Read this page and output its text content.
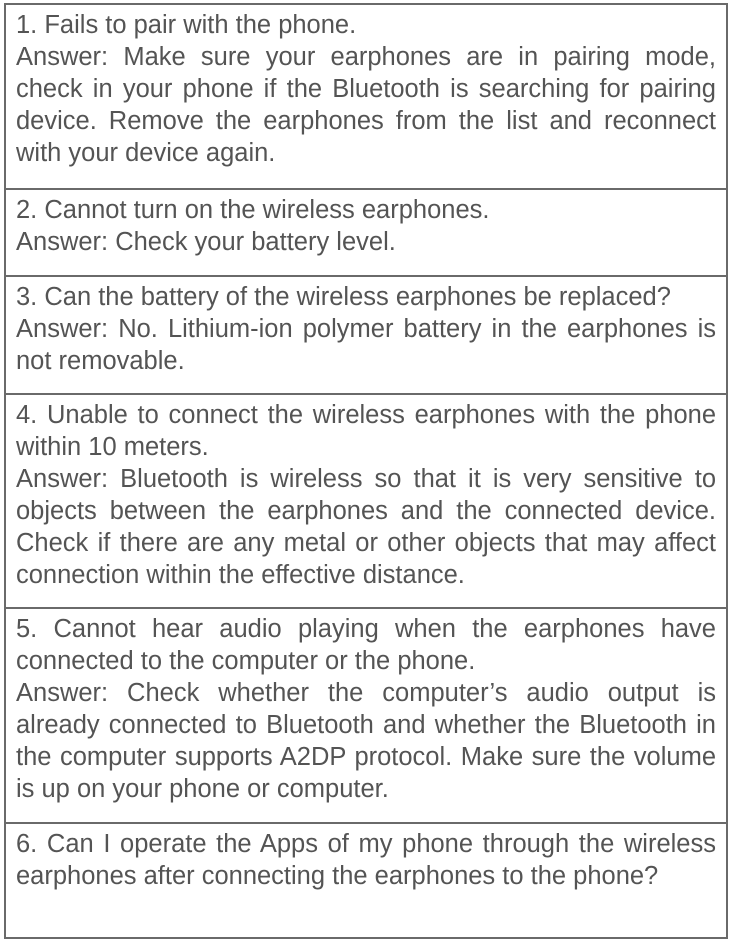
1. Fails to pair with the phone.
Answer: Make sure your earphones are in pairing mode, check in your phone if the Bluetooth is searching for pairing device. Remove the earphones from the list and reconnect with your device again.
2. Cannot turn on the wireless earphones.
Answer: Check your battery level.
3. Can the battery of the wireless earphones be replaced?
Answer: No. Lithium-ion polymer battery in the earphones is not removable.
4. Unable to connect the wireless earphones with the phone within 10 meters.
Answer: Bluetooth is wireless so that it is very sensitive to objects between the earphones and the connected device. Check if there are any metal or other objects that may affect connection within the effective distance.
5. Cannot hear audio playing when the earphones have connected to the computer or the phone.
Answer: Check whether the computer’s audio output is already connected to Bluetooth and whether the Bluetooth in the computer supports A2DP protocol. Make sure the volume is up on your phone or computer.
6. Can I operate the Apps of my phone through the wireless earphones after connecting the earphones to the phone?
